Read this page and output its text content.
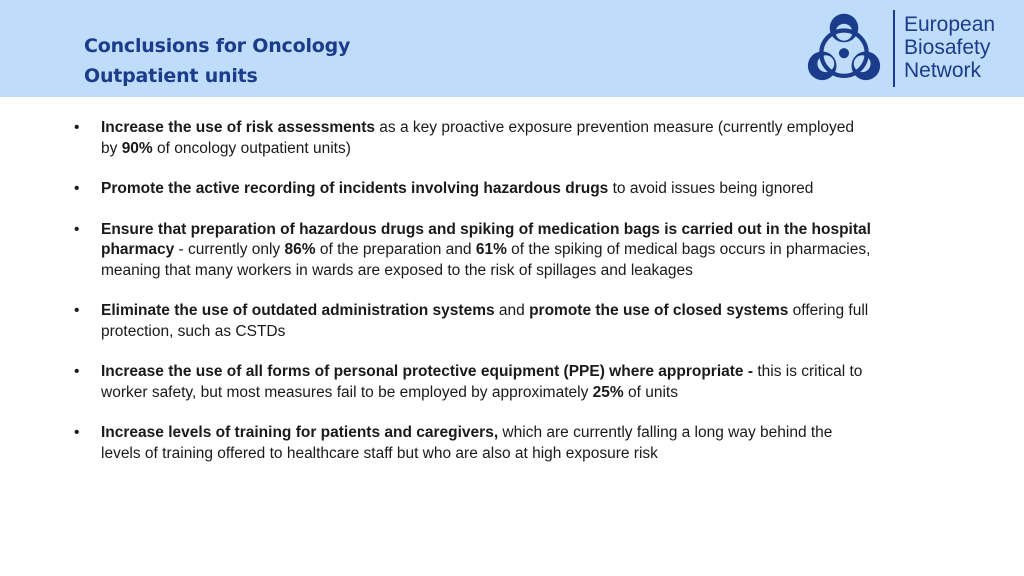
Conclusions for Oncology
Outpatient units
European
Biosafety
Network
• Increase the use of risk assessments as a key proactive exposure prevention measure (currently employed by 90% of oncology outpatient units)
• Promote the active recording of incidents involving hazardous drugs to avoid issues being ignored
• Ensure that preparation of hazardous drugs and spiking of medication bags is carried out in the hospital pharmacy - currently only 86% of the preparation and 61% of the spiking of medical bags occurs in pharmacies, meaning that many workers in wards are exposed to the risk of spillages and leakages
• Eliminate the use of outdated administration systems and promote the use of closed systems offering full protection, such as CSTDs
• Increase the use of all forms of personal protective equipment (PPE) where appropriate - this is critical to worker safety, but most measures fail to be employed by approximately 25% of units
• Increase levels of training for patients and caregivers, which are currently falling a long way behind the levels of training offered to healthcare staff but who are also at high exposure risk
